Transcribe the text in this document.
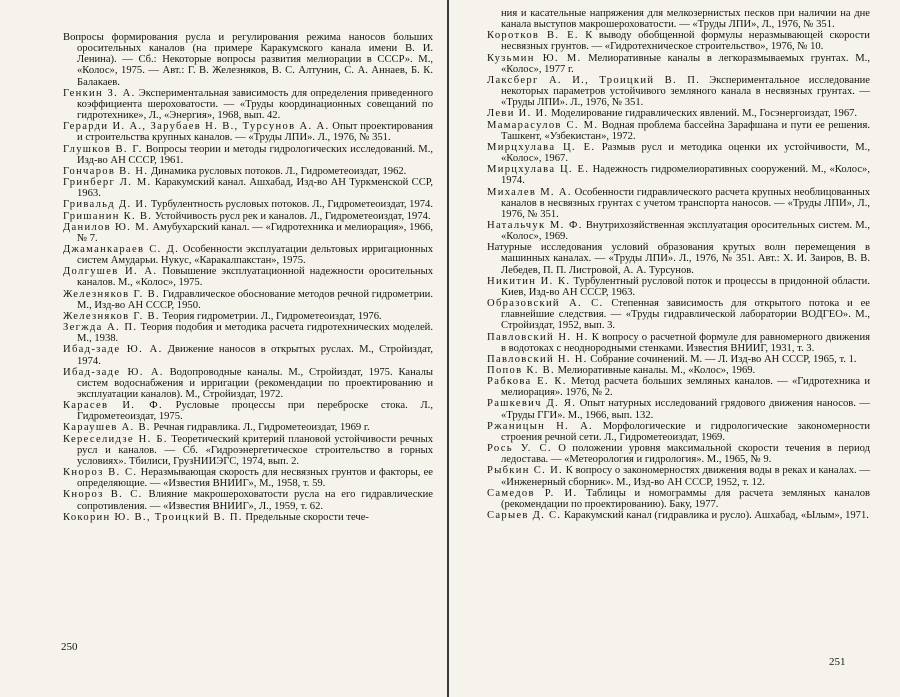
Вопросы формирования русла и регулирования режима наносов больших оросительных каналов (на примере Каракумского канала имени В. И. Ленина). — Сб.: Некоторые вопросы развития мелиорации в СССР». М., «Колос», 1975. — Авт.: Г. В. Железняков, В. С. Алтунин, С. А. Аннаев, Б. К. Балакаев.
Генкин З. А. Экспериментальная зависимость для определения приведенного коэффициента шероховатости. — «Труды координационных совещаний по гидротехнике», Л., «Энергия», 1968, вып. 42.
Герарди И. А., Зарубаев Н. В., Турсунов А. А. Опыт проектирования и строительства крупных каналов. — «Труды ЛПИ». Л., 1976, № 351.
Глушков В. Г. Вопросы теории и методы гидрологических исследований. М., Изд-во АН СССР, 1961.
Гончаров В. Н. Динамика русловых потоков. Л., Гидрометеоиздат, 1962.
Гринберг Л. М. Каракумский канал. Ашхабад, Изд-во АН Туркменской ССР, 1963.
Гривальд Д. И. Турбулентность русловых потоков. Л., Гидрометеоиздат, 1974.
Гришанин К. В. Устойчивость русл рек и каналов. Л., Гидрометеоиздат, 1974.
Данилов Ю. М. Амубухарский канал. — «Гидротехника и мелиорация», 1966, № 7.
Джаманкараев С. Д. Особенности эксплуатации дельтовых ирригационных систем Амударьи. Нукус, «Каракалпакстан», 1975.
Долгушев И. А. Повышение эксплуатационной надежности оросительных каналов. М., «Колос», 1975.
Железняков Г. В. Гидравлическое обоснование методов речной гидрометрии. М., Изд-во АН СССР, 1950.
Железняков Г. В. Теория гидрометрии. Л., Гидрометеоиздат, 1976.
Зегжда А. П. Теория подобия и методика расчета гидротехнических моделей. М., 1938.
Ибад-заде Ю. А. Движение наносов в открытых руслах. М., Стройиздат, 1974.
Ибад-заде Ю. А. Водопроводные каналы. М., Стройиздат, 1975. Каналы систем водоснабжения и ирригации (рекомендации по проектированию и эксплуатации каналов). М., Стройиздат, 1972.
Карасев И. Ф. Русловые процессы при переброске стока. Л., Гидрометеоиздат, 1975.
Караушев А. В. Речная гидравлика. Л., Гидрометеоиздат, 1969 г.
Кереселидзе Н. Б. Теоретический критерий плановой устойчивости речных русл и каналов. — Сб. «Гидроэнергетическое строительство в горных условиях». Тбилиси, ГрузНИИЭГС, 1974, вып. 2.
Кнороз В. С. Неразмывающая скорость для несвязных грунтов и факторы, ее определяющие. — «Известия ВНИИГ», М., 1958, т. 59.
Кнороз В. С. Влияние макрошероховатости русла на его гидравлические сопротивления. — «Известия ВНИИГ», Л., 1959, т. 62.
Кокорин Ю. В., Троицкий В. П. Предельные скорости тече-
250
ния и касательные напряжения для мелкозернистых песков при наличии на дне канала выступов макрошероховатости. — «Труды ЛПИ», Л., 1976, № 351.
Коротков В. Е. К выводу обобщенной формулы неразмывающей скорости несвязных грунтов. — «Гидротехническое строительство», 1976, № 10.
Кузьмин Ю. М. Мелиоративные каналы в легкоразмываемых грунтах. М., «Колос», 1977 г.
Лаксберг А. И., Троицкий В. П. Экспериментальное исследование некоторых параметров устойчивого земляного канала в несвязных грунтах. — «Труды ЛПИ». Л., 1976, № 351.
Леви И. И. Моделирование гидравлических явлений. М., Госэнергоиздат, 1967.
Мамарасулов С. М. Водная проблема бассейна Зарафшана и пути ее решения. Ташкент, «Узбекистан», 1972.
Мирцхулава Ц. Е. Размыв русл и методика оценки их устойчивости, М., «Колос», 1967.
Мирцхулава Ц. Е. Надежность гидромелиоративных сооружений. М., «Колос», 1974.
Михалев М. А. Особенности гидравлического расчета крупных необлицованных каналов в несвязных грунтах с учетом транспорта наносов. — «Труды ЛПИ», Л., 1976, № 351.
Натальчук М. Ф. Внутрихозяйственная эксплуатация оросительных систем. М., «Колос», 1969.
Натурные исследования условий образования крутых волн перемещения в машинных каналах. — «Труды ЛПИ». Л., 1976, № 351. Авт.: Х. И. Заиров, В. В. Лебедев, П. П. Листровой, А. А. Турсунов.
Никитин И. К. Турбулентный русловой поток и процессы в придонной области. Киев, Изд-во АН СССР, 1963.
Образовский А. С. Степенная зависимость для открытого потока и ее главнейшие следствия. — «Труды гидравлической лаборатории ВОДГЕО». М., Стройиздат, 1952, вып. 3.
Павловский Н. Н. К вопросу о расчетной формуле для равномерного движения в водотоках с неоднородными стенками. Известия ВНИИГ, 1931, т. 3.
Павловский Н. Н. Собрание сочинений. М. — Л. Изд-во АН СССР, 1965, т. 1.
Попов К. В. Мелиоративные каналы. М., «Колос», 1969.
Рабкова Е. К. Метод расчета больших земляных каналов. — «Гидротехника и мелиорация». 1976, № 2.
Рашкевич Д. Я. Опыт натурных исследований грядового движения наносов. — «Труды ГГИ». М., 1966, вып. 132.
Ржаницын Н. А. Морфологические и гидрологические закономерности строения речной сети. Л., Гидрометеоиздат, 1969.
Рось У. С. О положении уровня максимальной скорости течения в период ледостава. — «Метеорология и гидрология». М., 1965, № 9.
Рыбкин С. И. К вопросу о закономерностях движения воды в реках и каналах. — «Инженерный сборник». М., Изд-во АН СССР, 1952, т. 12.
Самедов Р. И. Таблицы и номограммы для расчета земляных каналов (рекомендации по проектированию). Баку, 1977.
Сарыев Д. С. Каракумский канал (гидравлика и русло). Ашхабад, «Ылым», 1971.
251
